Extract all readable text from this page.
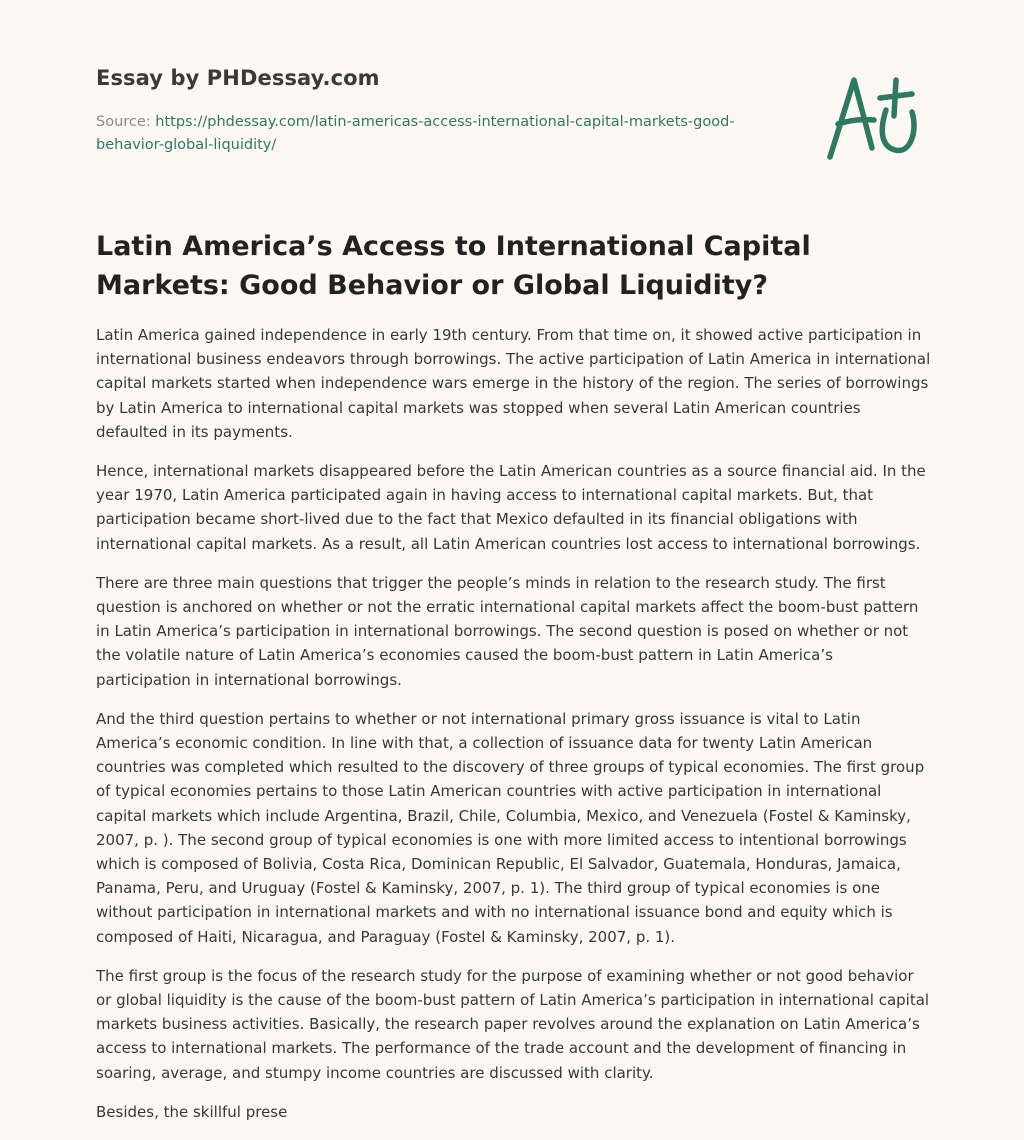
Essay by PHDessay.com
Source: https://phdessay.com/latin-americas-access-international-capital-markets-good-behavior-global-liquidity/
Latin America’s Access to International Capital Markets: Good Behavior or Global Liquidity?

Latin America gained independence in early 19th century. From that time on, it showed active participation in international business endeavors through borrowings. The active participation of Latin America in international capital markets started when independence wars emerge in the history of the region. The series of borrowings by Latin America to international capital markets was stopped when several Latin American countries defaulted in its payments.

Hence, international markets disappeared before the Latin American countries as a source financial aid. In the year 1970, Latin America participated again in having access to international capital markets. But, that participation became short-lived due to the fact that Mexico defaulted in its financial obligations with international capital markets. As a result, all Latin American countries lost access to international borrowings.

There are three main questions that trigger the people’s minds in relation to the research study. The first question is anchored on whether or not the erratic international capital markets affect the boom-bust pattern in Latin America’s participation in international borrowings. The second question is posed on whether or not the volatile nature of Latin America’s economies caused the boom-bust pattern in Latin America’s participation in international borrowings.

And the third question pertains to whether or not international primary gross issuance is vital to Latin America’s economic condition. In line with that, a collection of issuance data for twenty Latin American countries was completed which resulted to the discovery of three groups of typical economies. The first group of typical economies pertains to those Latin American countries with active participation in international capital markets which include Argentina, Brazil, Chile, Columbia, Mexico, and Venezuela (Fostel & Kaminsky, 2007, p. ). The second group of typical economies is one with more limited access to intentional borrowings which is composed of Bolivia, Costa Rica, Dominican Republic, El Salvador, Guatemala, Honduras, Jamaica, Panama, Peru, and Uruguay (Fostel & Kaminsky, 2007, p. 1). The third group of typical economies is one without participation in international markets and with no international issuance bond and equity which is composed of Haiti, Nicaragua, and Paraguay (Fostel & Kaminsky, 2007, p. 1).

The first group is the focus of the research study for the purpose of examining whether or not good behavior or global liquidity is the cause of the boom-bust pattern of Latin America’s participation in international capital markets business activities. Basically, the research paper revolves around the explanation on Latin America’s access to international markets. The performance of the trade account and the development of financing in soaring, average, and stumpy income countries are discussed with clarity.

Besides, the skillful prese
